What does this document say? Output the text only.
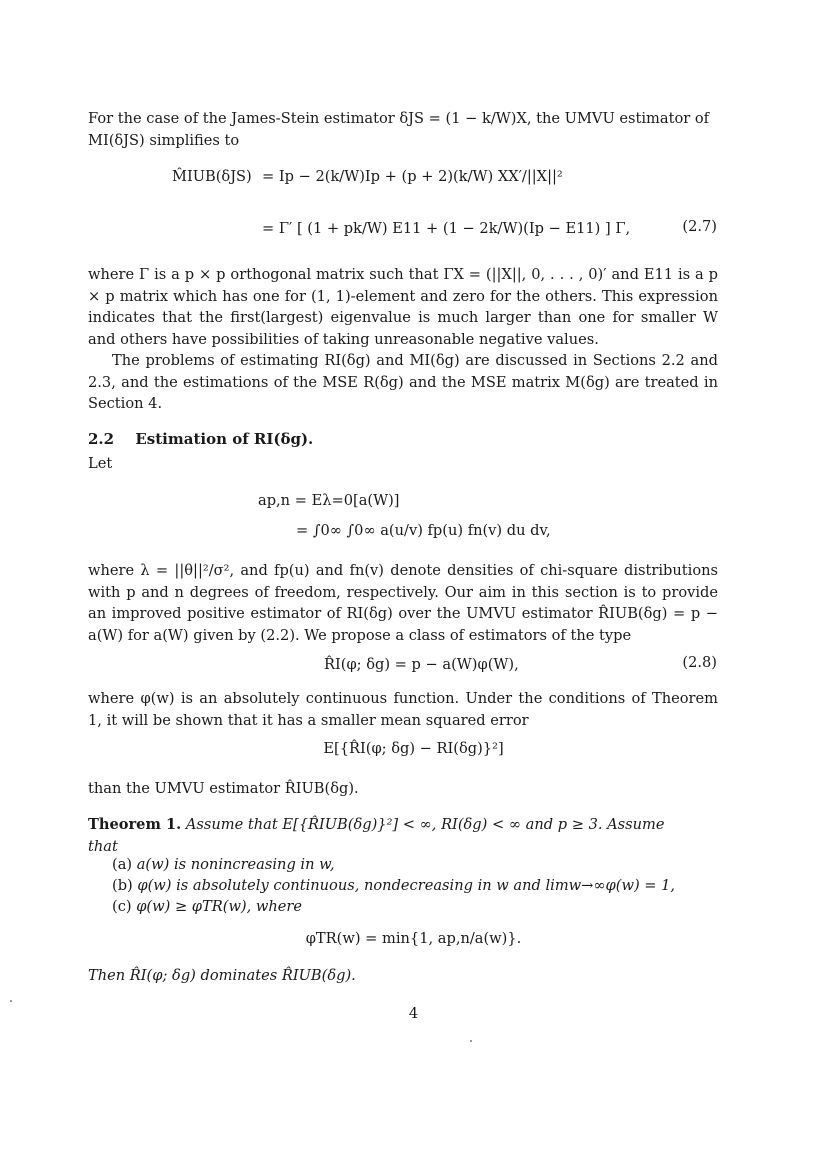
For the case of the James-Stein estimator δJS = (1 − k/W)X, the UMVU estimator of
MI(δJS) simplifies to
M̂IUB(δJS) = Ip − 2(k/W)Ip + (p + 2)(k/W) XX′/||X||²
= Γ′ [ (1 + pk/W) E11 + (1 − 2k/W)(Ip − E11) ] Γ,	(2.7)
where Γ is a p × p orthogonal matrix such that ΓX = (||X||, 0, . . . , 0)′ and E11 is a p × p matrix which has one for (1, 1)-element and zero for the others. This expression indicates that the first(largest) eigenvalue is much larger than one for smaller W and others have possibilities of taking unreasonable negative values.
The problems of estimating RI(δg) and MI(δg) are discussed in Sections 2.2 and 2.3, and the estimations of the MSE R(δg) and the MSE matrix M(δg) are treated in Section 4.
2.2 Estimation of RI(δg).
Let
ap,n = Eλ=0[a(W)]
= ∫0∞ ∫0∞ a(u/v) fp(u) fn(v) du dv,
where λ = ||θ||²/σ², and fp(u) and fn(v) denote densities of chi-square distributions with p and n degrees of freedom, respectively. Our aim in this section is to provide an improved positive estimator of RI(δg) over the UMVU estimator R̂IUB(δg) = p − a(W) for a(W) given by (2.2). We propose a class of estimators of the type
R̂I(φ; δg) = p − a(W)φ(W),	(2.8)
where φ(w) is an absolutely continuous function. Under the conditions of Theorem 1, it will be shown that it has a smaller mean squared error
E[{R̂I(φ; δg) − RI(δg)}²]
than the UMVU estimator R̂IUB(δg).
Theorem 1. Assume that E[{R̂IUB(δg)}²] < ∞, RI(δg) < ∞ and p ≥ 3. Assume
that
(a) a(w) is nonincreasing in w,
(b) φ(w) is absolutely continuous, nondecreasing in w and limw→∞φ(w) = 1,
(c) φ(w) ≥ φTR(w), where
φTR(w) = min{1, ap,n/a(w)}.
Then R̂I(φ; δg) dominates R̂IUB(δg).
4
